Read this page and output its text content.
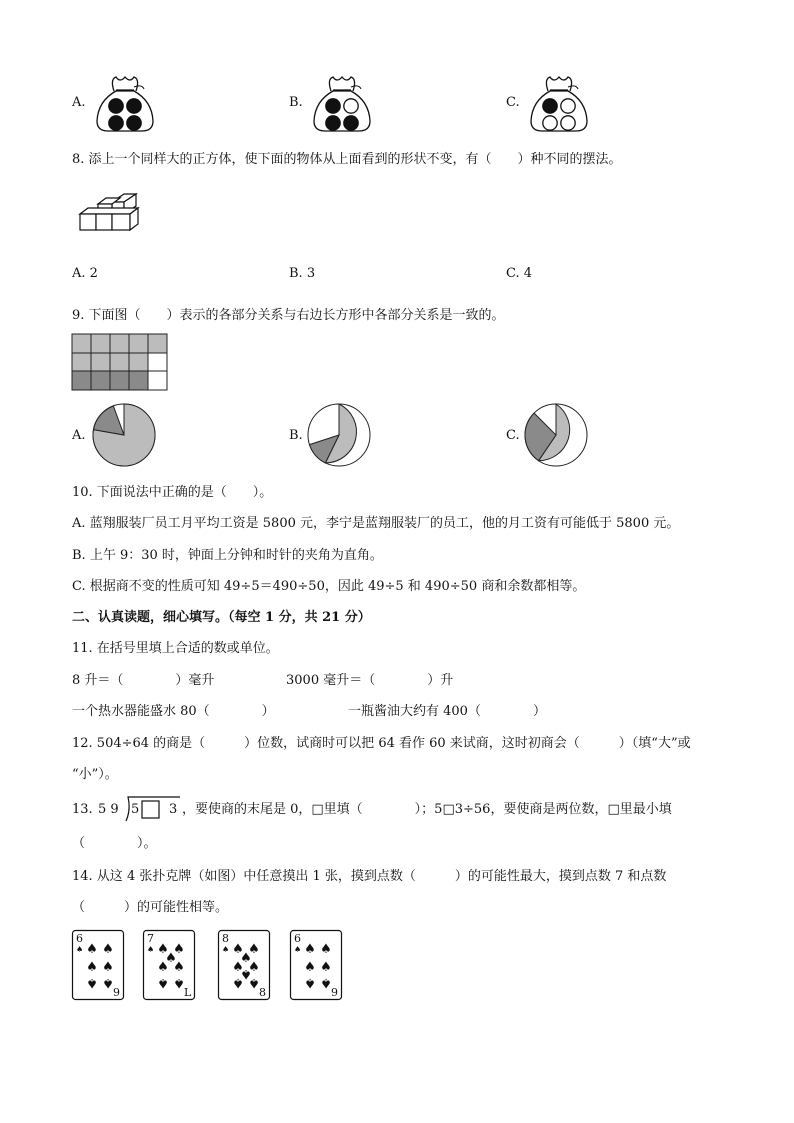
A.	B.	C.
8. 添上一个同样大的正方体，使下面的物体从上面看到的形状不变，有（　　）种不同的摆法。
A. 2	B. 3	C. 4
9. 下面图（　　）表示的各部分关系与右边长方形中各部分关系是一致的。
A.	B.	C.
10. 下面说法中正确的是（　　）。
A. 蓝翔服装厂员工月平均工资是 5800 元，李宁是蓝翔服装厂的员工，他的月工资有可能低于 5800 元。
B. 上午 9：30 时，钟面上分钟和时针的夹角为直角。
C. 根据商不变的性质可知 49÷5＝490÷50，因此 49÷5 和 490÷50 商和余数都相等。
二、认真读题，细心填写。（每空 1 分，共 21 分）
11. 在括号里填上合适的数或单位。
8 升＝（　　　　）毫升	3000 毫升＝（　　　　）升
一个热水器能盛水 80（　　　　）	一瓶酱油大约有 400（　　　　）
12. 504÷64 的商是（　　　）位数，试商时可以把 64 看作 60 来试商，这时初商会（　　　）（填“大”或
“小”）。
13. 5 9 5 3 ，要使商的末尾是 0，□里填（　　　　）；5□3÷56，要使商是两位数，□里最小填
（　　　　）。
14. 从这 4 张扑克牌（如图）中任意摸出 1 张，摸到点数（　　　）的可能性最大，摸到点数 7 和点数
（　　　）的可能性相等。
6
9
♠ ♠ ♠
♠ ♠
♠ ♠
7
L
♠ ♠ ♠
♠
♠ ♠
♠ ♠
8
8
♠ ♠ ♠
♠
♠ ♠
♠
♠ ♠
6
9
♠ ♠ ♠
♠ ♠
♠ ♠
